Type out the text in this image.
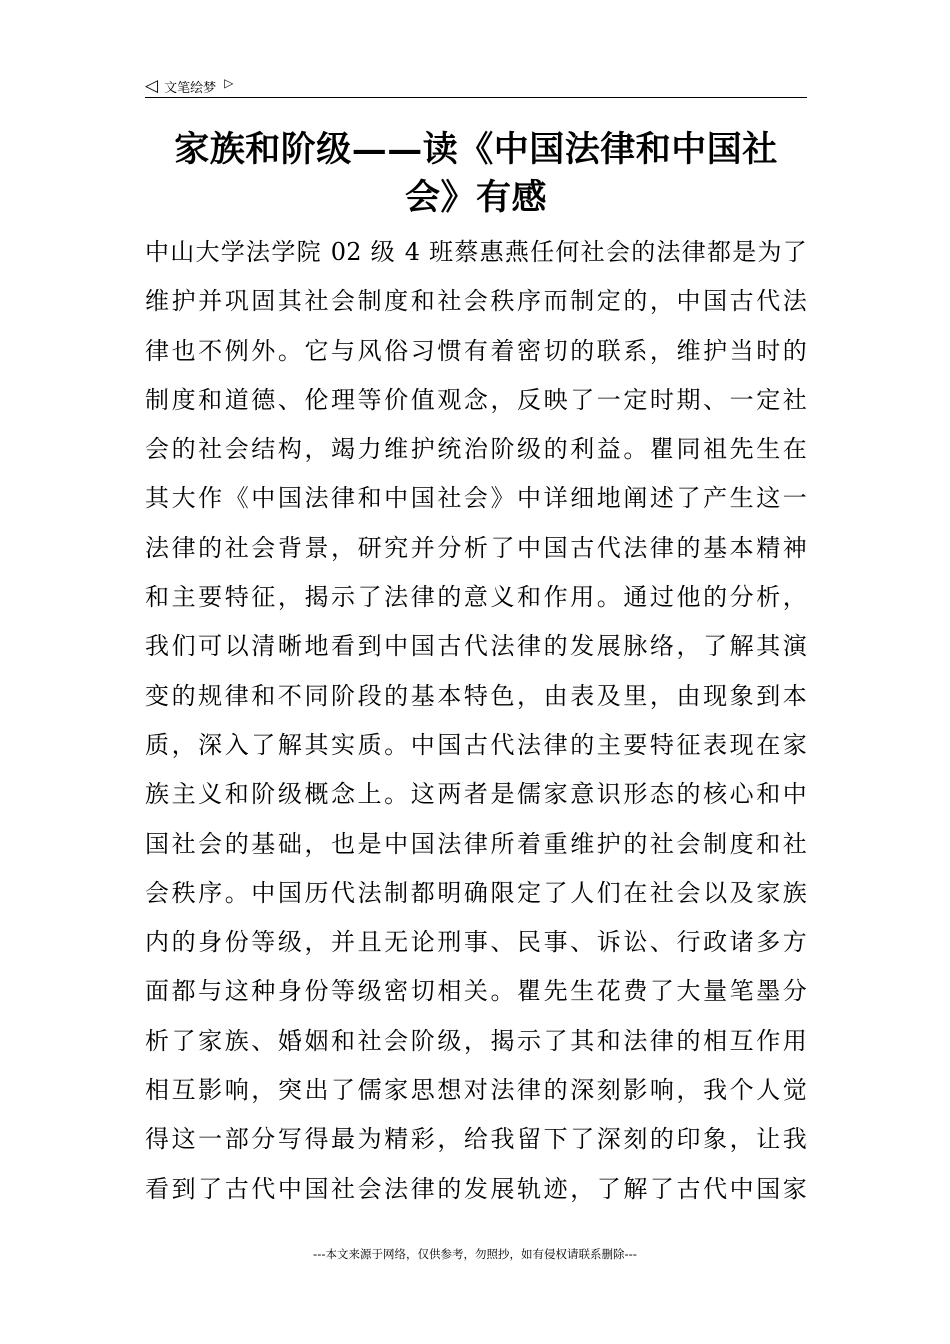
◁ 文笔绘梦 ▷
家族和阶级——读《中国法律和中国社
会》有感
中山大学法学院 02 级 4 班蔡惠燕任何社会的法律都是为了
维护并巩固其社会制度和社会秩序而制定的，中国古代法
律也不例外。它与风俗习惯有着密切的联系，维护当时的
制度和道德、伦理等价值观念，反映了一定时期、一定社
会的社会结构，竭力维护统治阶级的利益。瞿同祖先生在
其大作《中国法律和中国社会》中详细地阐述了产生这一
法律的社会背景，研究并分析了中国古代法律的基本精神
和主要特征，揭示了法律的意义和作用。通过他的分析，
我们可以清晰地看到中国古代法律的发展脉络，了解其演
变的规律和不同阶段的基本特色，由表及里，由现象到本
质，深入了解其实质。中国古代法律的主要特征表现在家
族主义和阶级概念上。这两者是儒家意识形态的核心和中
国社会的基础，也是中国法律所着重维护的社会制度和社
会秩序。中国历代法制都明确限定了人们在社会以及家族
内的身份等级，并且无论刑事、民事、诉讼、行政诸多方
面都与这种身份等级密切相关。瞿先生花费了大量笔墨分
析了家族、婚姻和社会阶级，揭示了其和法律的相互作用
相互影响，突出了儒家思想对法律的深刻影响，我个人觉
得这一部分写得最为精彩，给我留下了深刻的印象，让我
看到了古代中国社会法律的发展轨迹，了解了古代中国家
---本文来源于网络，仅供参考，勿照抄，如有侵权请联系删除---
